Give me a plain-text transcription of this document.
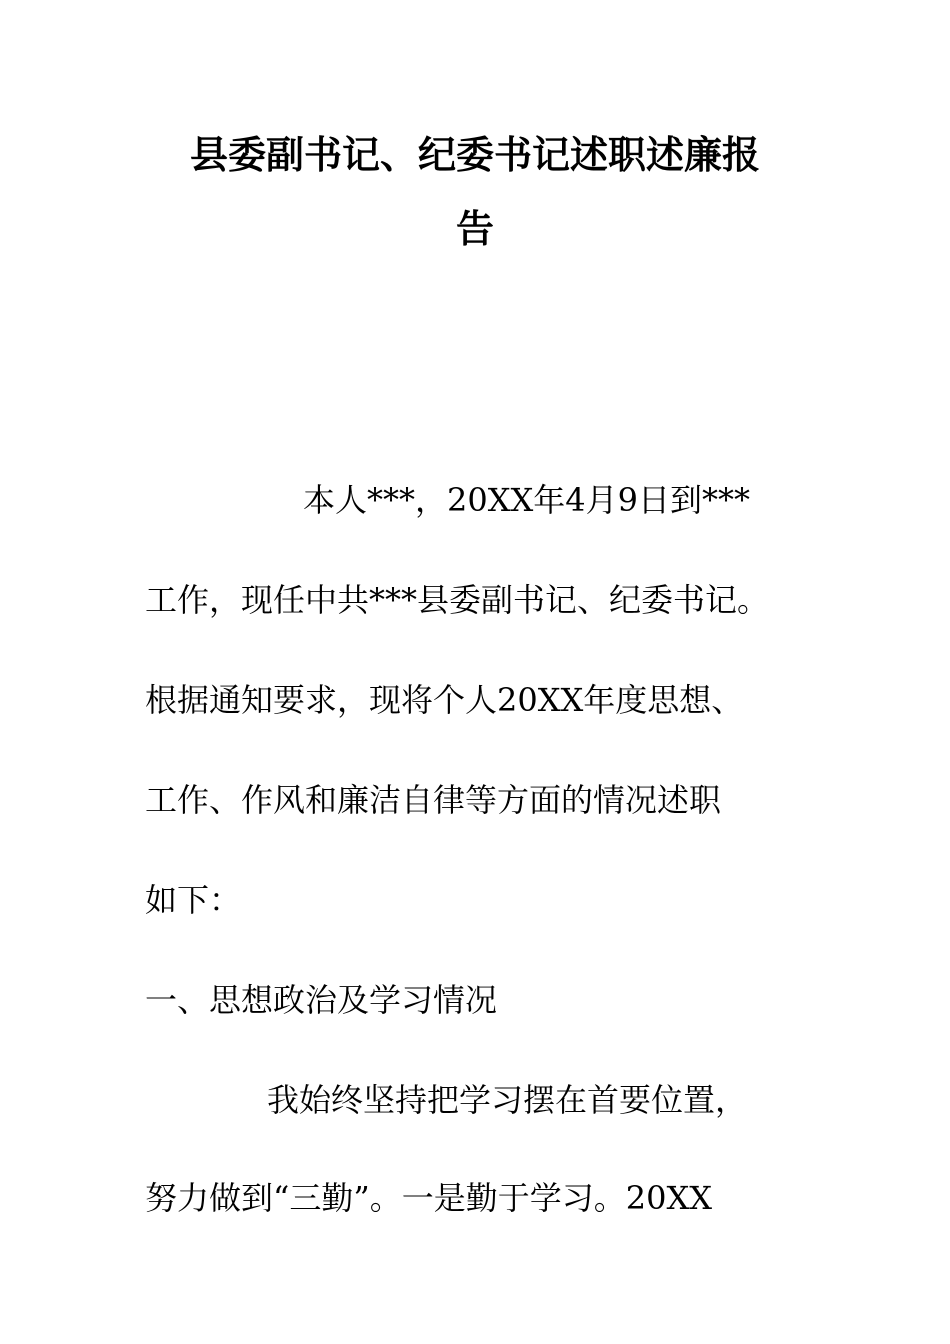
县委副书记、纪委书记述职述廉报
告
本人***，20XX年4月9日到***
工作，现任中共***县委副书记、纪委书记。
根据通知要求，现将个人20XX年度思想、
工作、作风和廉洁自律等方面的情况述职
如下：
一、思想政治及学习情况
我始终坚持把学习摆在首要位置，
努力做到“三勤”。一是勤于学习。20XX
